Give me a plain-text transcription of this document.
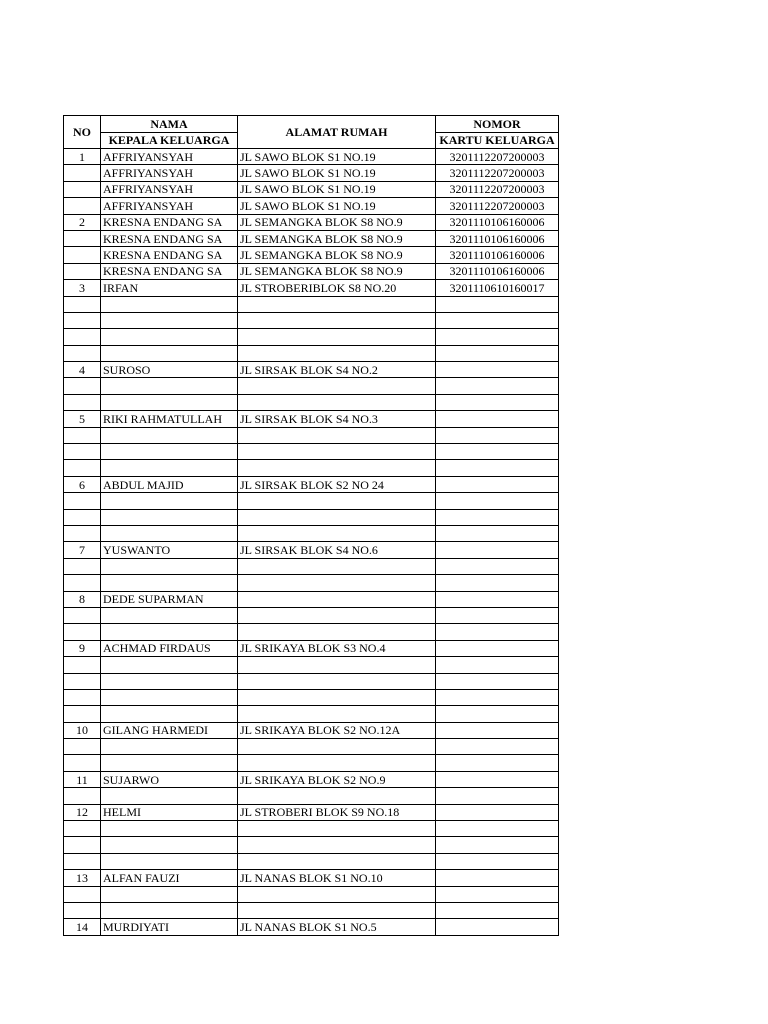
NO	NAMA	ALAMAT RUMAH	NOMOR
	KEPALA KELUARGA		KARTU KELUARGA
1	AFFRIYANSYAH	JL SAWO BLOK S1 NO.19	3201112207200003
	AFFRIYANSYAH	JL SAWO BLOK S1 NO.19	3201112207200003
	AFFRIYANSYAH	JL SAWO BLOK S1 NO.19	3201112207200003
	AFFRIYANSYAH	JL SAWO BLOK S1 NO.19	3201112207200003
2	KRESNA ENDANG SA	JL SEMANGKA BLOK S8 NO.9	3201110106160006
	KRESNA ENDANG SA	JL SEMANGKA BLOK S8 NO.9	3201110106160006
	KRESNA ENDANG SA	JL SEMANGKA BLOK S8 NO.9	3201110106160006
	KRESNA ENDANG SA	JL SEMANGKA BLOK S8 NO.9	3201110106160006
3	IRFAN	JL STROBERIBLOK S8 NO.20	3201110610160017

4	SUROSO	JL SIRSAK BLOK S4 NO.2	

5	RIKI RAHMATULLAH	JL SIRSAK BLOK S4 NO.3	

6	ABDUL MAJID	JL SIRSAK BLOK S2 NO 24	

7	YUSWANTO	JL SIRSAK BLOK S4 NO.6	

8	DEDE SUPARMAN		

9	ACHMAD FIRDAUS	JL SRIKAYA BLOK S3 NO.4	

10	GILANG HARMEDI	JL SRIKAYA BLOK S2 NO.12A	

11	SUJARWO	JL SRIKAYA BLOK S2 NO.9	

12	HELMI	JL STROBERI BLOK S9 NO.18	

13	ALFAN FAUZI	JL NANAS BLOK S1 NO.10	

14	MURDIYATI	JL NANAS BLOK S1 NO.5	
